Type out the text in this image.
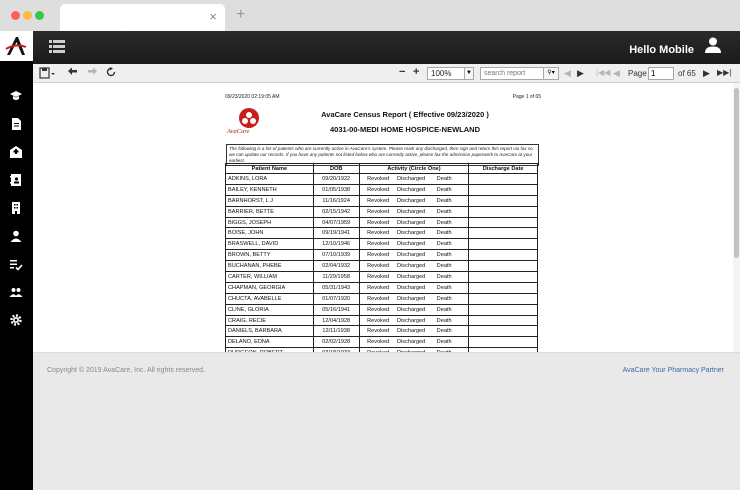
× +
Hello Mobile
− +	100%	▼	search report	⚲▾	◀ ▶ |◀◀ ◀ Page 1	of 65 ▶ ▶▶|
09/23/2020 02:19:05 AM	Page 1 of 65
AvaCare
AvaCare Census Report ( Effective 09/23/2020 )
4031-00-MEDI HOME HOSPICE-NEWLAND
The following is a list of patients who are currently active in AvaCare's system. Please mark any discharged, then sign and return this report via fax so we can update our records. If you have any patients not listed below who are currently active, please fax the admission paperwork to AvaCare at your earliest.
Patient Name	DOB	Activity (Circle One)	Discharge Date
ADKINS, LORA	09/20/1922	Revoked Discharged Death	
BAILEY, KENNETH	01/05/1938	Revoked Discharged Death	
BARNHORST, L J	11/16/1924	Revoked Discharged Death	
BARRIER, BETTE	02/15/1942	Revoked Discharged Death	
BIGGS, JOSEPH	04/07/1959	Revoked Discharged Death	
BOISE, JOHN	09/19/1941	Revoked Discharged Death	
BRASWELL, DAVID	12/10/1946	Revoked Discharged Death	
BROWN, BETTY	07/10/1939	Revoked Discharged Death	
BUCHANAN, PHEBE	02/04/1932	Revoked Discharged Death	
CARTER, WILLIAM	11/29/1958	Revoked Discharged Death	
CHAPMAN, GEORGIA	05/31/1943	Revoked Discharged Death	
CHUCTA, AVABELLE	01/07/1920	Revoked Discharged Death	
CLINE, GLORIA	05/16/1941	Revoked Discharged Death	
CRAIG, RECIE	12/04/1928	Revoked Discharged Death	
DANIELS, BARBARA	12/11/1938	Revoked Discharged Death	
DELANO, EDNA	02/02/1928	Revoked Discharged Death	

Copyright © 2019 AvaCare, Inc. All rights reserved.	AvaCare Your Pharmacy Partner
